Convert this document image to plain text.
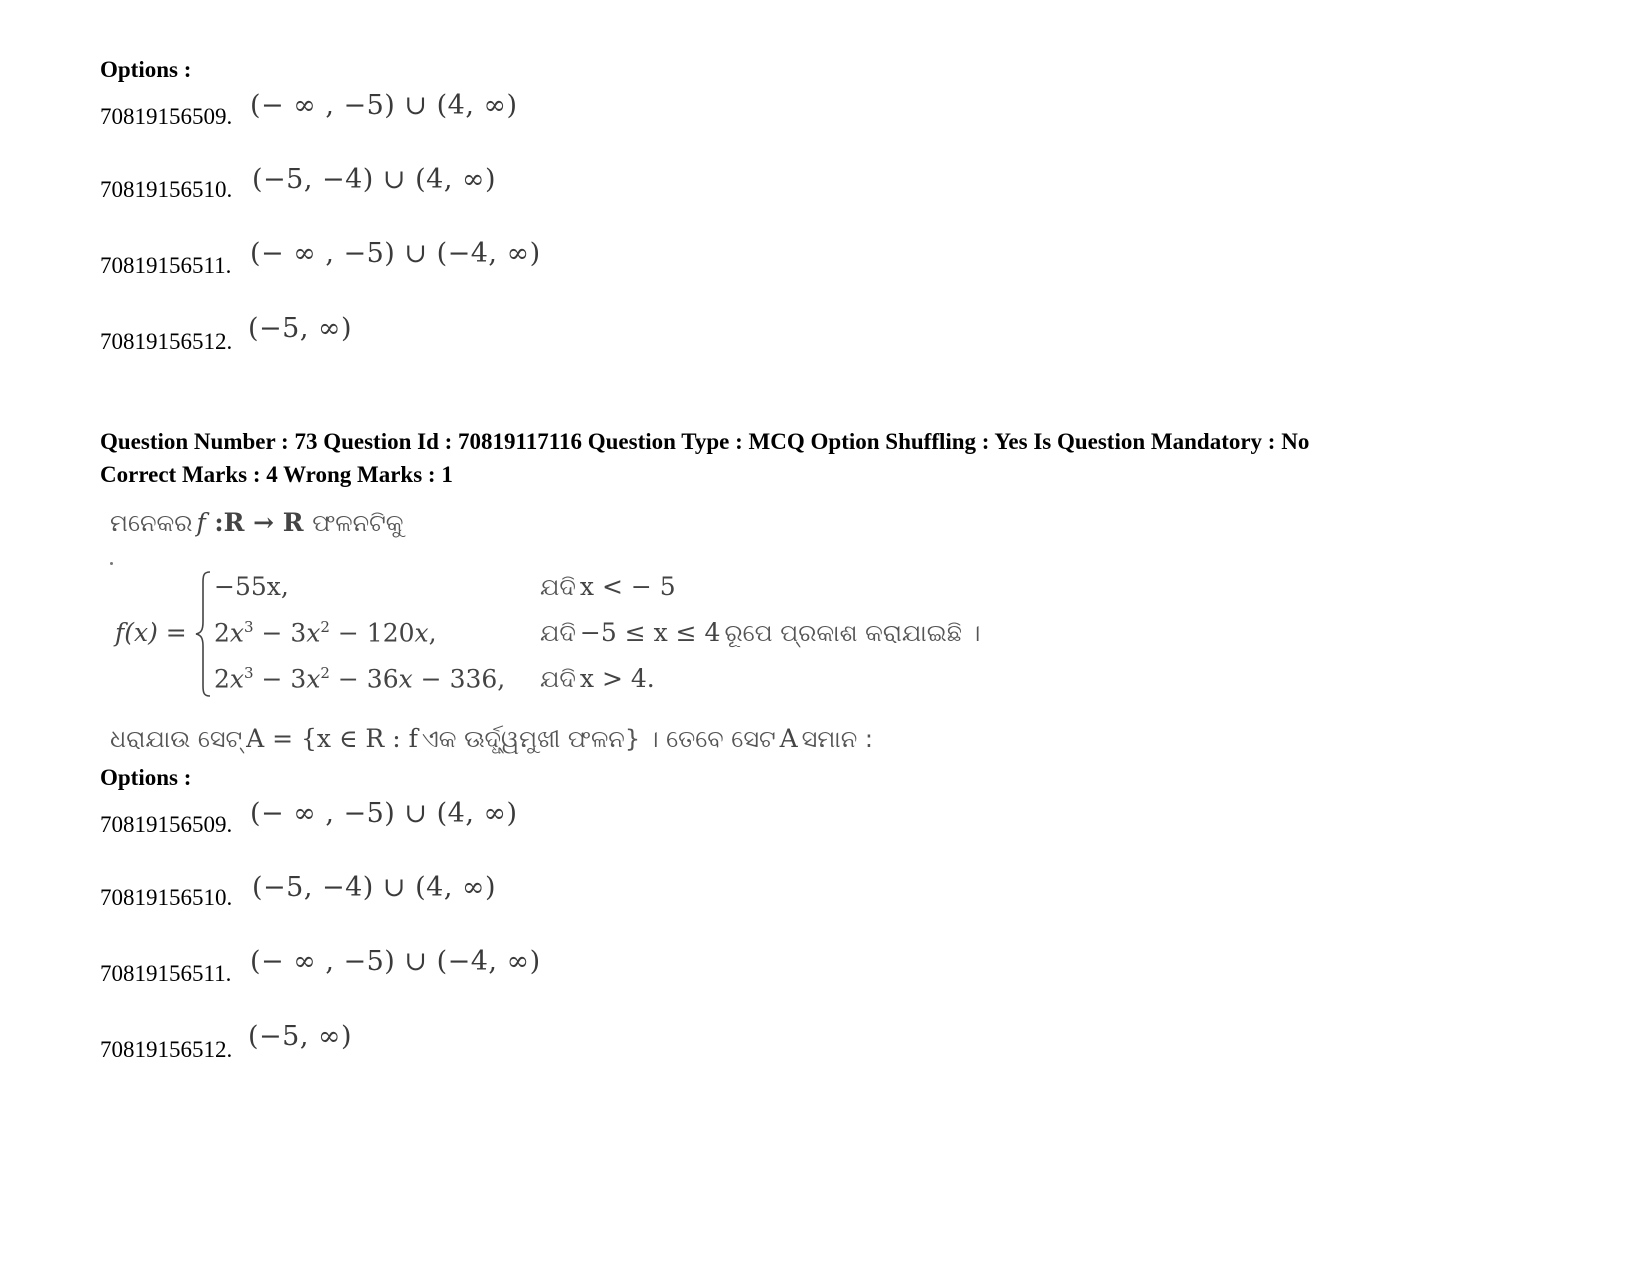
Options :
70819156509. (− ∞ , −5) ∪ (4, ∞)
70819156510. (−5, −4) ∪ (4, ∞)
70819156511. (− ∞ , −5) ∪ (−4, ∞)
70819156512. (−5, ∞)
Question Number : 73 Question Id : 70819117116 Question Type : MCQ Option Shuffling : Yes Is Question Mandatory : No
Correct Marks : 4 Wrong Marks : 1
ମନେକର f :R → R ଫଳନଟିକୁ
f(x) =
−55x,
$2x^3 - 3x^2 - 120x$,
$2x^3 - 3x^2 - 36x - 336$,
ଯଦି x < − 5
ଯଦି −5 ≤ x ≤ 4 ରୂପେ ପ୍ରକାଶ କରାଯାଇଛି ।
ଯଦି x > 4.
ଧରାଯାଉ ସେଟ୍ A = {x ∈ R : f ଏକ ଊର୍ଦ୍ଧ୍ୱମୁଖୀ ଫଳନ} । ତେବେ ସେଟ A ସମାନ :
Options :
70819156509. (− ∞ , −5) ∪ (4, ∞)
70819156510. (−5, −4) ∪ (4, ∞)
70819156511. (− ∞ , −5) ∪ (−4, ∞)
70819156512. (−5, ∞)
